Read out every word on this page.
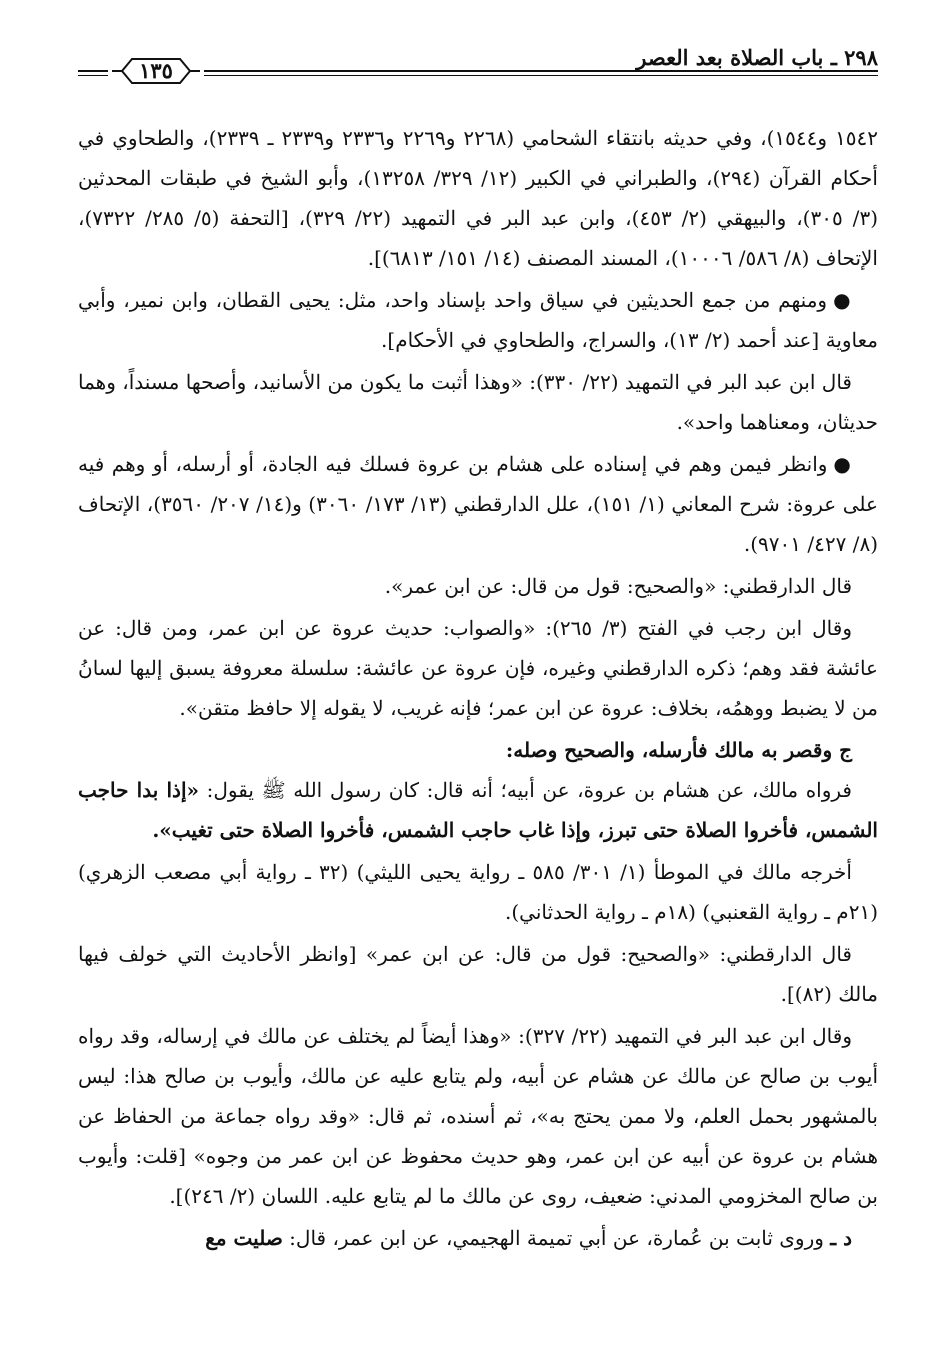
٢٩٨ ـ باب الصلاة بعد العصر
١٣٥

١٥٤٢ و١٥٤٤)، وفي حديثه بانتقاء الشحامي (٢٢٦٨ و٢٢٦٩ و٢٣٣٦ و٢٣٣٩ ـ ٢٣٣٩)، والطحاوي في أحكام القرآن (٢٩٤)، والطبراني في الكبير (١٢/ ٣٢٩/ ١٣٢٥٨)، وأبو الشيخ في طبقات المحدثين (٣/ ٣٠٥)، والبيهقي (٢/ ٤٥٣)، وابن عبد البر في التمهيد (٢٢/ ٣٢٩)، [التحفة (٥/ ٢٨٥/ ٧٣٢٢)، الإتحاف (٨/ ٥٨٦/ ١٠٠٠٦)، المسند المصنف (١٤/ ١٥١/ ٦٨١٣)].

●ومنهم من جمع الحديثين في سياق واحد بإسناد واحد، مثل: يحيى القطان، وابن نمير، وأبي معاوية [عند أحمد (٢/ ١٣)، والسراج، والطحاوي في الأحكام].

قال ابن عبد البر في التمهيد (٢٢/ ٣٣٠): «وهذا أثبت ما يكون من الأسانيد، وأصحها مسنداً، وهما حديثان، ومعناهما واحد».

●وانظر فيمن وهم في إسناده على هشام بن عروة فسلك فيه الجادة، أو أرسله، أو وهم فيه على عروة: شرح المعاني (١/ ١٥١)، علل الدارقطني (١٣/ ١٧٣/ ٣٠٦٠) و(١٤/ ٢٠٧/ ٣٥٦٠)، الإتحاف (٨/ ٤٢٧/ ٩٧٠١).

قال الدارقطني: «والصحيح: قول من قال: عن ابن عمر».

وقال ابن رجب في الفتح (٣/ ٢٦٥): «والصواب: حديث عروة عن ابن عمر، ومن قال: عن عائشة فقد وهم؛ ذكره الدارقطني وغيره، فإن عروة عن عائشة: سلسلة معروفة يسبق إليها لسانُ من لا يضبط ووهمُه، بخلاف: عروة عن ابن عمر؛ فإنه غريب، لا يقوله إلا حافظ متقن».

ج وقصر به مالك فأرسله، والصحيح وصله:

فرواه مالك، عن هشام بن عروة، عن أبيه؛ أنه قال: كان رسول الله ﷺ يقول: «إذا بدا حاجب الشمس، فأخروا الصلاة حتى تبرز، وإذا غاب حاجب الشمس، فأخروا الصلاة حتى تغيب».

أخرجه مالك في الموطأ (١/ ٣٠١/ ٥٨٥ ـ رواية يحيى الليثي) (٣٢ ـ رواية أبي مصعب الزهري) (٢١م ـ رواية القعنبي) (١٨م ـ رواية الحدثاني).

قال الدارقطني: «والصحيح: قول من قال: عن ابن عمر» [وانظر الأحاديث التي خولف فيها مالك (٨٢)].

وقال ابن عبد البر في التمهيد (٢٢/ ٣٢٧): «وهذا أيضاً لم يختلف عن مالك في إرساله، وقد رواه أيوب بن صالح عن مالك عن هشام عن أبيه، ولم يتابع عليه عن مالك، وأيوب بن صالح هذا: ليس بالمشهور بحمل العلم، ولا ممن يحتج به»، ثم أسنده، ثم قال: «وقد رواه جماعة من الحفاظ عن هشام بن عروة عن أبيه عن ابن عمر، وهو حديث محفوظ عن ابن عمر من وجوه» [قلت: وأيوب بن صالح المخزومي المدني: ضعيف، روى عن مالك ما لم يتابع عليه. اللسان (٢/ ٢٤٦)].

د ـ وروى ثابت بن عُمارة، عن أبي تميمة الهجيمي، عن ابن عمر، قال: صليت مع
